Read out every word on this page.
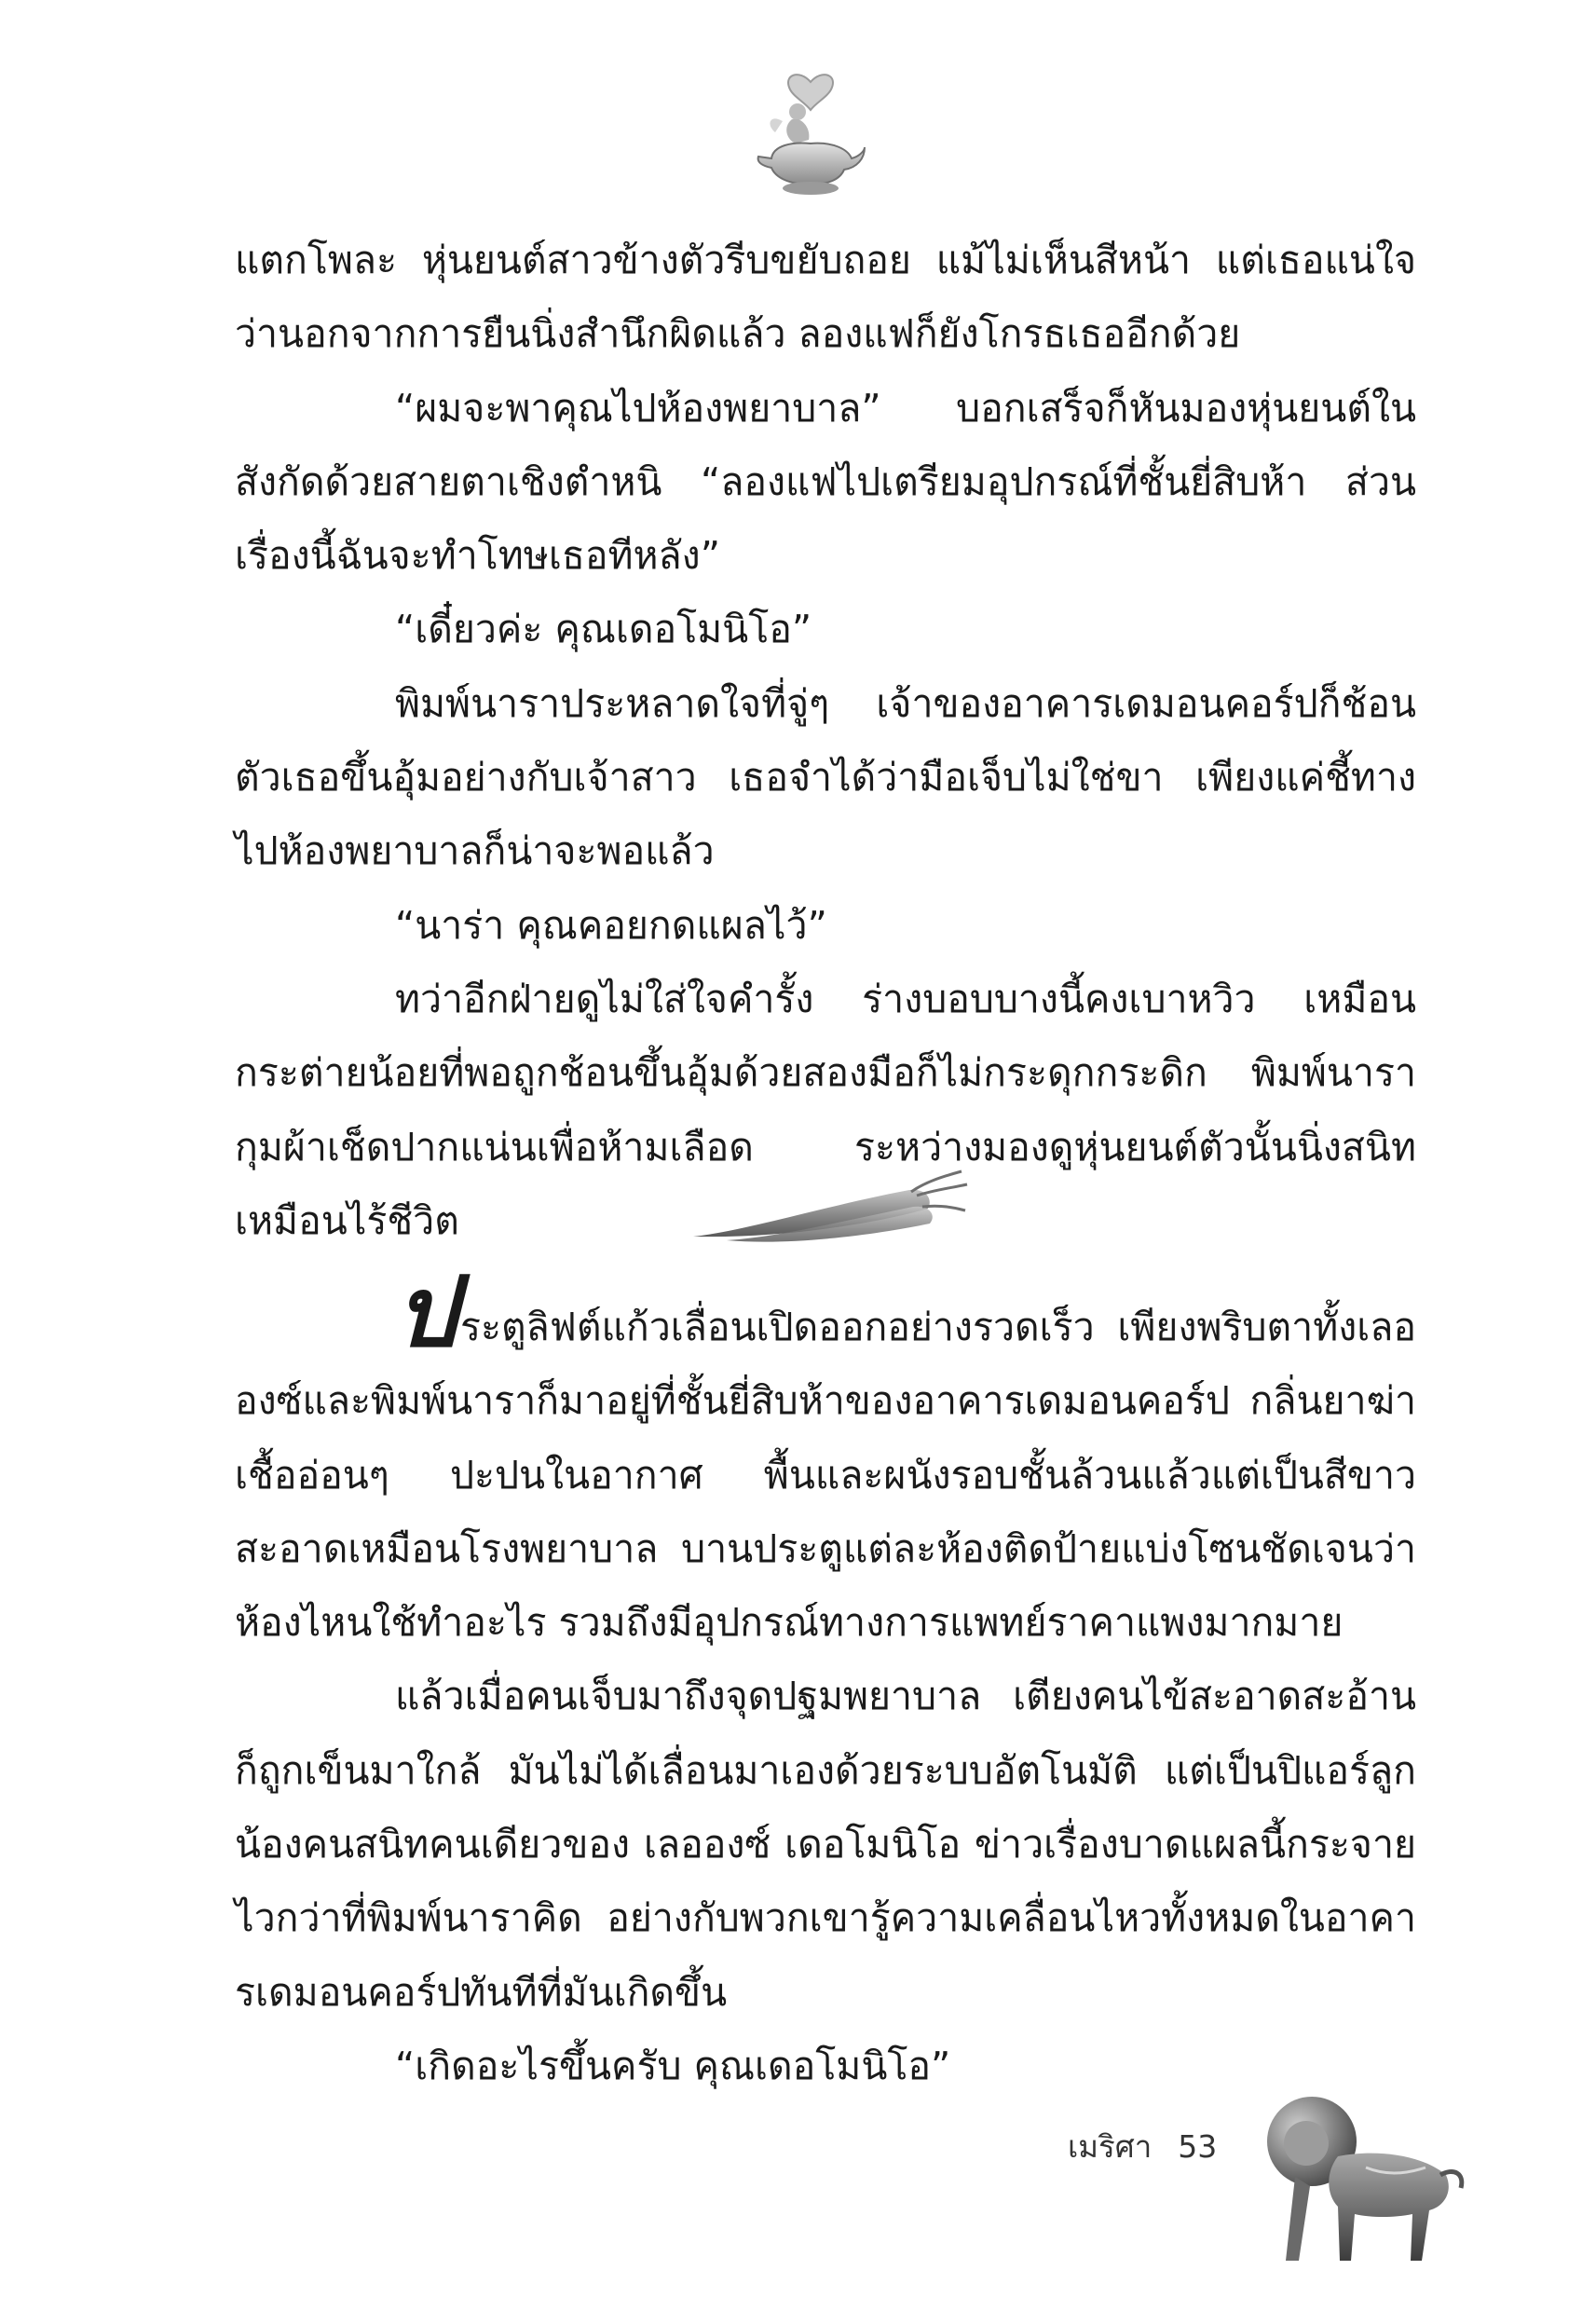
แตกโพละ หุ่นยนต์สาวข้างตัวรีบขยับถอย แม้ไม่เห็นสีหน้า แต่เธอแน่ใจว่านอกจากการยืนนิ่งสำนึกผิดแล้ว ลองแฟก็ยังโกรธเธออีกด้วย

“ผมจะพาคุณไปห้องพยาบาล” บอกเสร็จก็หันมองหุ่นยนต์ในสังกัดด้วยสายตาเชิงตำหนิ “ลองแฟไปเตรียมอุปกรณ์ที่ชั้นยี่สิบห้า ส่วนเรื่องนี้ฉันจะทำโทษเธอทีหลัง”

“เดี๋ยวค่ะ คุณเดอโมนิโอ”

พิมพ์นาราประหลาดใจที่จู่ๆ เจ้าของอาคารเดมอนคอร์ปก็ช้อนตัวเธอขึ้นอุ้มอย่างกับเจ้าสาว เธอจำได้ว่ามือเจ็บไม่ใช่ขา เพียงแค่ชี้ทางไปห้องพยาบาลก็น่าจะพอแล้ว

“นาร่า คุณคอยกดแผลไว้”

ทว่าอีกฝ่ายดูไม่ใส่ใจคำรั้ง ร่างบอบบางนี้คงเบาหวิว เหมือนกระต่ายน้อยที่พอถูกช้อนขึ้นอุ้มด้วยสองมือก็ไม่กระดุกกระดิก พิมพ์นารากุมผ้าเช็ดปากแน่นเพื่อห้ามเลือด ระหว่างมองดูหุ่นยนต์ตัวนั้นนิ่งสนิทเหมือนไร้ชีวิต

ประตูลิฟต์แก้วเลื่อนเปิดออกอย่างรวดเร็ว เพียงพริบตาทั้งเลอองซ์และพิมพ์นาราก็มาอยู่ที่ชั้นยี่สิบห้าของอาคารเดมอนคอร์ป กลิ่นยาฆ่าเชื้ออ่อนๆ ปะปนในอากาศ พื้นและผนังรอบชั้นล้วนแล้วแต่เป็นสีขาวสะอาดเหมือนโรงพยาบาล บานประตูแต่ละห้องติดป้ายแบ่งโซนชัดเจนว่าห้องไหนใช้ทำอะไร รวมถึงมีอุปกรณ์ทางการแพทย์ราคาแพงมากมาย

แล้วเมื่อคนเจ็บมาถึงจุดปฐมพยาบาล เตียงคนไข้สะอาดสะอ้านก็ถูกเข็นมาใกล้ มันไม่ได้เลื่อนมาเองด้วยระบบอัตโนมัติ แต่เป็นปิแอร์ลูกน้องคนสนิทคนเดียวของ เลอองซ์ เดอโมนิโอ ข่าวเรื่องบาดแผลนี้กระจายไวกว่าที่พิมพ์นาราคิด อย่างกับพวกเขารู้ความเคลื่อนไหวทั้งหมดในอาคารเดมอนคอร์ปทันทีที่มันเกิดขึ้น

“เกิดอะไรขึ้นครับ คุณเดอโมนิโอ”

เมริศา 53
